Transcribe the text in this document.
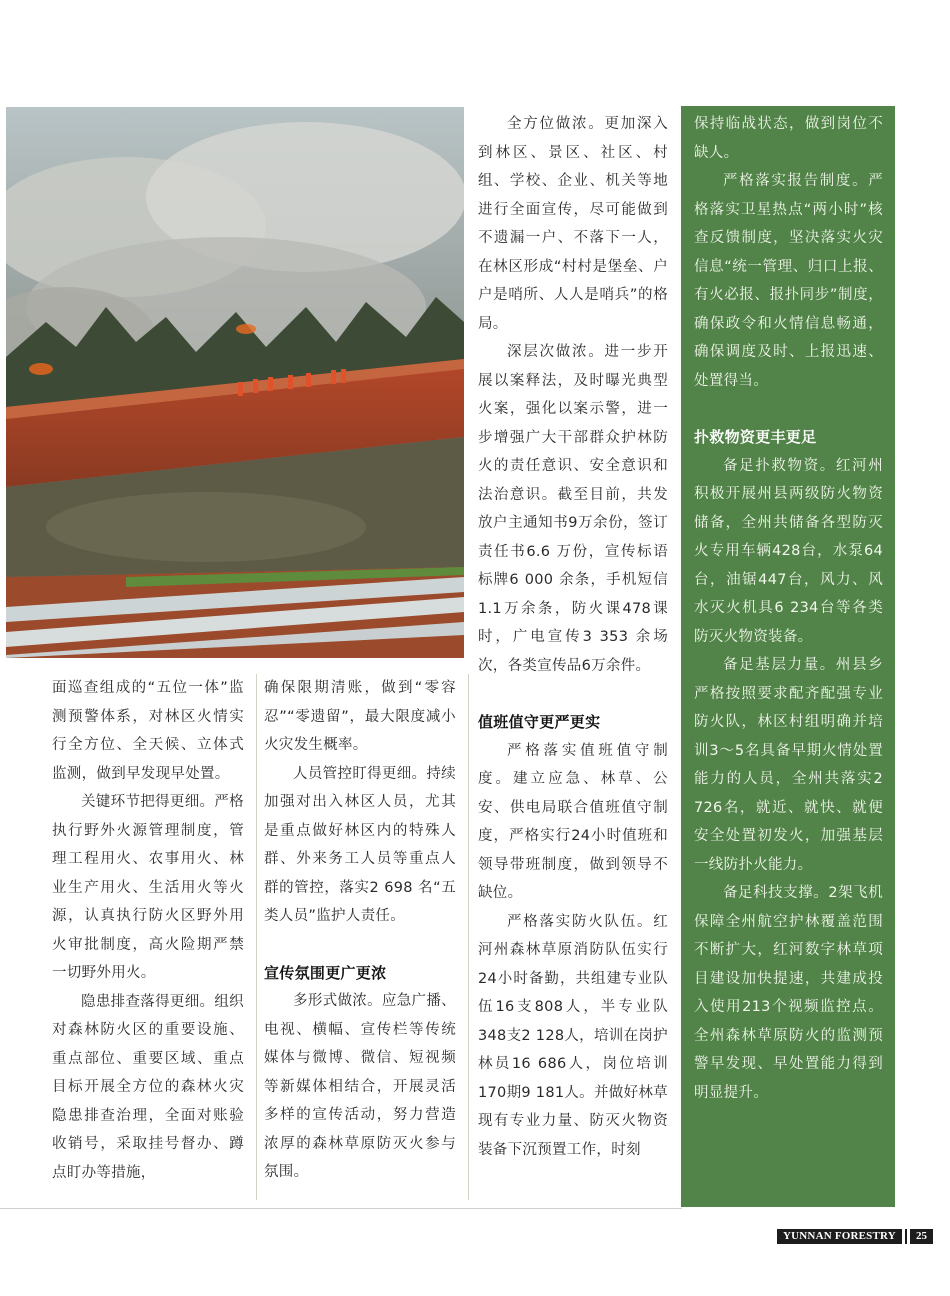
面巡查组成的“五位一体”监测预警体系，对林区火情实行全方位、全天候、立体式监测，做到早发现早处置。

关键环节把得更细。严格执行野外火源管理制度，管理工程用火、农事用火、林业生产用火、生活用火等火源，认真执行防火区野外用火审批制度，高火险期严禁一切野外用火。

隐患排查落得更细。组织对森林防火区的重要设施、重点部位、重要区域、重点目标开展全方位的森林火灾隐患排查治理，全面对账验收销号，采取挂号督办、蹲点盯办等措施，

确保限期清账，做到“零容忍”“零遗留”，最大限度减小火灾发生概率。

人员管控盯得更细。持续加强对出入林区人员，尤其是重点做好林区内的特殊人群、外来务工人员等重点人群的管控，落实2 698 名“五类人员”监护人责任。

宣传氛围更广更浓

多形式做浓。应急广播、电视、横幅、宣传栏等传统媒体与微博、微信、短视频等新媒体相结合，开展灵活多样的宣传活动，努力营造浓厚的森林草原防灭火参与氛围。

全方位做浓。更加深入到林区、景区、社区、村组、学校、企业、机关等地进行全面宣传，尽可能做到不遗漏一户、不落下一人，在林区形成“村村是堡垒、户户是哨所、人人是哨兵”的格局。

深层次做浓。进一步开展以案释法，及时曝光典型火案，强化以案示警，进一步增强广大干部群众护林防火的责任意识、安全意识和法治意识。截至目前，共发放户主通知书9万余份，签订责任书6.6 万份，宣传标语标牌6 000 余条，手机短信1.1万余条，防火课478课时，广电宣传3 353 余场次，各类宣传品6万余件。

值班值守更严更实

严格落实值班值守制度。建立应急、林草、公安、供电局联合值班值守制度，严格实行24小时值班和领导带班制度，做到领导不缺位。

严格落实防火队伍。红河州森林草原消防队伍实行24小时备勤，共组建专业队伍16支808人，半专业队348支2 128人，培训在岗护林员16 686人，岗位培训170期9 181人。并做好林草现有专业力量、防灭火物资装备下沉预置工作，时刻

保持临战状态，做到岗位不缺人。

严格落实报告制度。严格落实卫星热点“两小时”核查反馈制度，坚决落实火灾信息“统一管理、归口上报、有火必报、报扑同步”制度，确保政令和火情信息畅通，确保调度及时、上报迅速、处置得当。

扑救物资更丰更足

备足扑救物资。红河州积极开展州县两级防火物资储备，全州共储备各型防灭火专用车辆428台，水泵64台，油锯447台，风力、风水灭火机具6 234台等各类防灭火物资装备。

备足基层力量。州县乡严格按照要求配齐配强专业防火队，林区村组明确并培训3～5名具备早期火情处置能力的人员，全州共落实2 726名，就近、就快、就便安全处置初发火，加强基层一线防扑火能力。

备足科技支撑。2架飞机保障全州航空护林覆盖范围不断扩大，红河数字林草项目建设加快提速，共建成投入使用213个视频监控点。全州森林草原防火的监测预警早发现、早处置能力得到明显提升。

YUNNAN FORESTRY	25
